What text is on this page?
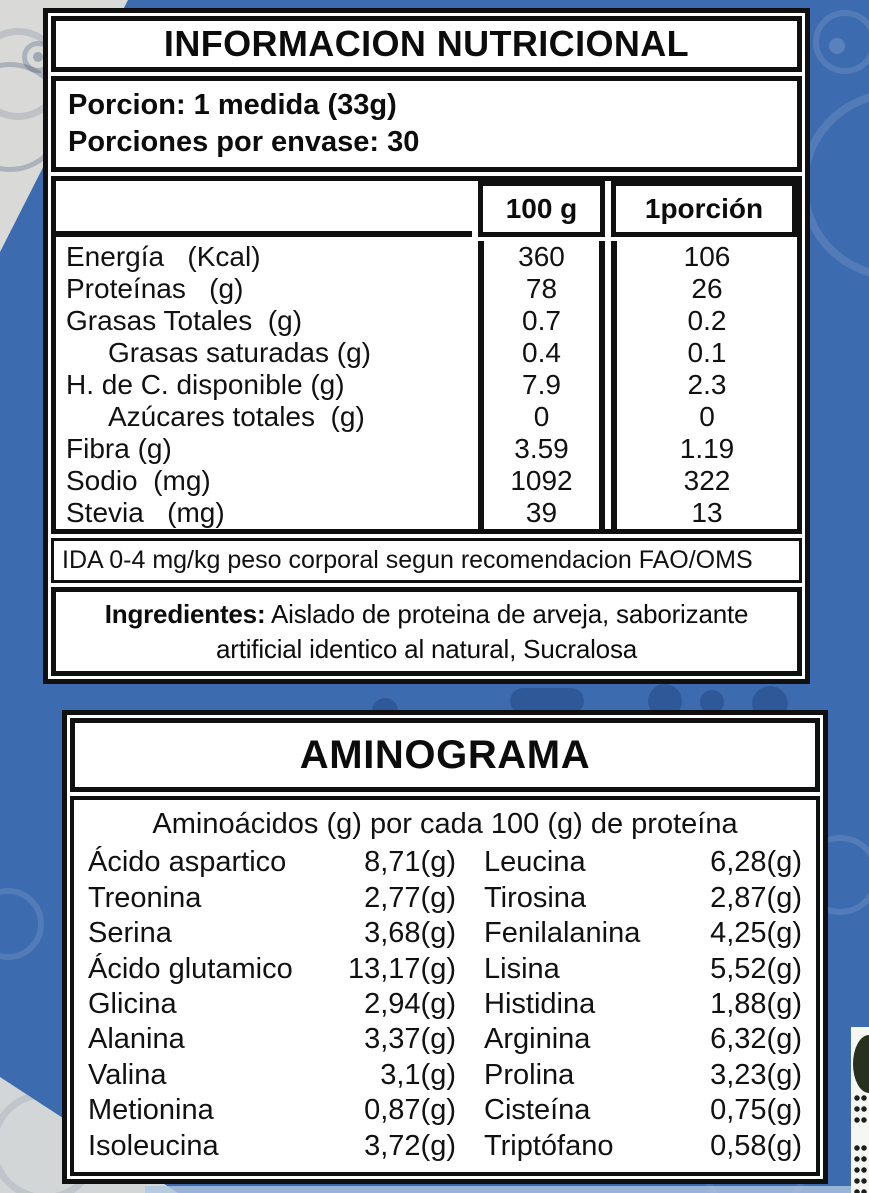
INFORMACION NUTRICIONAL
Porcion: 1 medida (33g)
Porciones por envase: 30
100 g	1porción
Energía   (Kcal)	360	106
Proteínas   (g)	78	26
Grasas Totales  (g)	0.7	0.2
Grasas saturadas (g)	0.4	0.1
H. de C. disponible (g)	7.9	2.3
Azúcares totales  (g)	0	0
Fibra (g)	3.59	1.19
Sodio  (mg)	1092	322
Stevia   (mg)	39	13
IDA 0-4 mg/kg peso corporal segun recomendacion FAO/OMS
Ingredientes: Aislado de proteina de arveja, saborizante
artificial identico al natural, Sucralosa
AMINOGRAMA
Aminoácidos (g) por cada 100 (g) de proteína
Ácido aspartico	8,71(g) Leucina	6,28(g)
Treonina	2,77(g) Tirosina	2,87(g)
Serina	3,68(g) Fenilalanina	4,25(g)
Ácido glutamico	13,17(g) Lisina	5,52(g)
Glicina	2,94(g) Histidina	1,88(g)
Alanina	3,37(g) Arginina	6,32(g)
Valina	3,1(g) Prolina	3,23(g)
Metionina	0,87(g) Cisteína	0,75(g)
Isoleucina	3,72(g) Triptófano	0,58(g)
